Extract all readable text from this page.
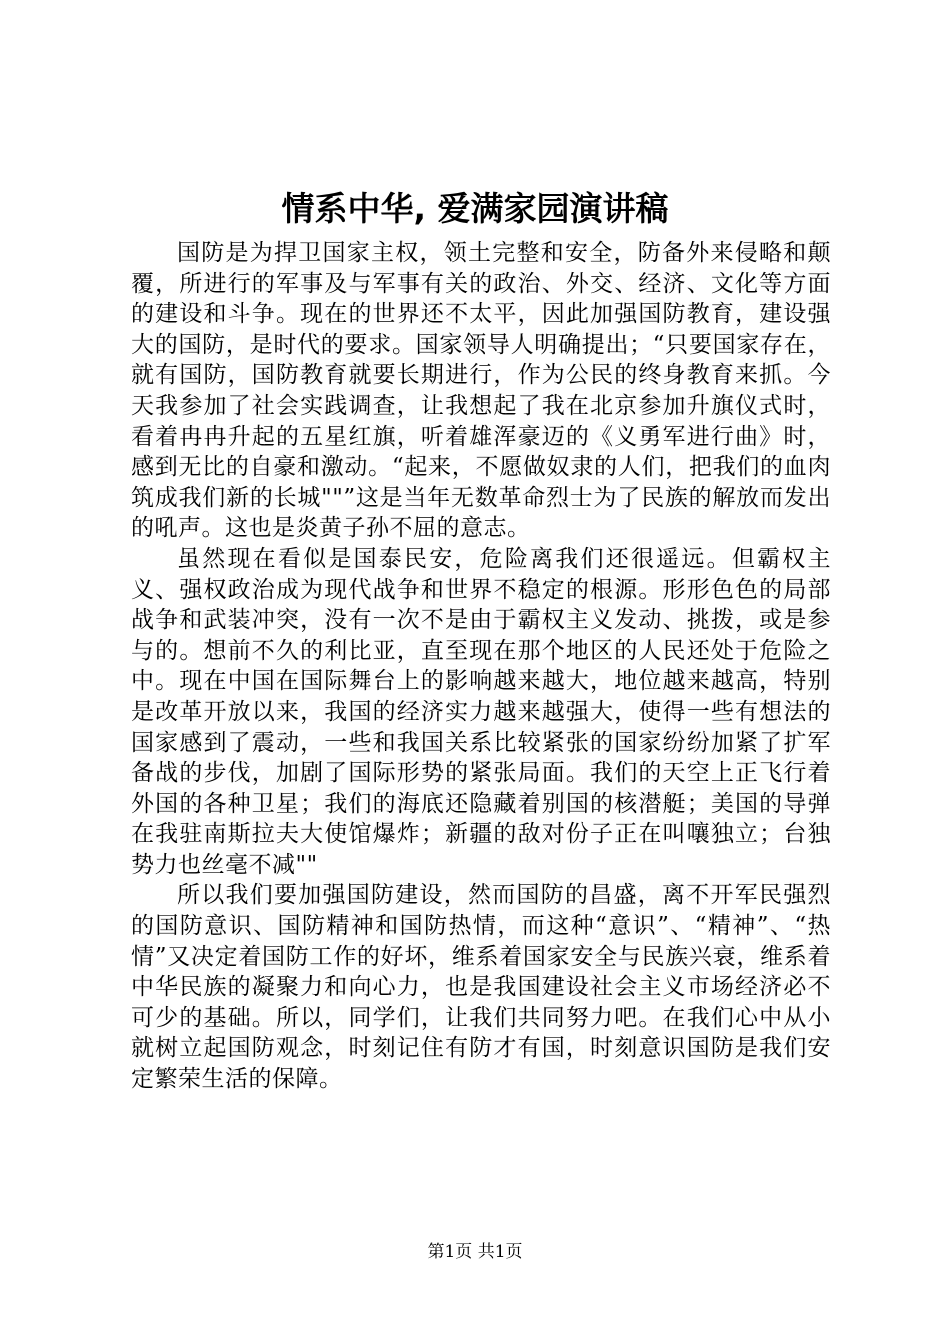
情系中华, 爱满家园演讲稿

国防是为捍卫国家主权，领土完整和安全，防备外来侵略和颠覆，所进行的军事及与军事有关的政治、外交、经济、文化等方面的建设和斗争。现在的世界还不太平，因此加强国防教育，建设强大的国防，是时代的要求。国家领导人明确提出；“只要国家存在，就有国防，国防教育就要长期进行，作为公民的终身教育来抓。今天我参加了社会实践调查，让我想起了我在北京参加升旗仪式时，看着冉冉升起的五星红旗，听着雄浑豪迈的《义勇军进行曲》时，感到无比的自豪和激动。“起来，不愿做奴隶的人们，把我们的血肉筑成我们新的长城""”这是当年无数革命烈士为了民族的解放而发出的吼声。这也是炎黄子孙不屈的意志。

虽然现在看似是国泰民安，危险离我们还很遥远。但霸权主义、强权政治成为现代战争和世界不稳定的根源。形形色色的局部战争和武装冲突，没有一次不是由于霸权主义发动、挑拨，或是参与的。想前不久的利比亚，直至现在那个地区的人民还处于危险之中。现在中国在国际舞台上的影响越来越大，地位越来越高，特别是改革开放以来，我国的经济实力越来越强大，使得一些有想法的国家感到了震动，一些和我国关系比较紧张的国家纷纷加紧了扩军备战的步伐，加剧了国际形势的紧张局面。我们的天空上正飞行着外国的各种卫星；我们的海底还隐藏着别国的核潜艇；美国的导弹在我驻南斯拉夫大使馆爆炸；新疆的敌对份子正在叫嚷独立；台独势力也丝毫不减""

所以我们要加强国防建设，然而国防的昌盛，离不开军民强烈的国防意识、国防精神和国防热情，而这种“意识”、“精神”、“热情”又决定着国防工作的好坏，维系着国家安全与民族兴衰，维系着中华民族的凝聚力和向心力，也是我国建设社会主义市场经济必不可少的基础。所以，同学们，让我们共同努力吧。在我们心中从小就树立起国防观念，时刻记住有防才有国，时刻意识国防是我们安定繁荣生活的保障。

第1页 共1页
